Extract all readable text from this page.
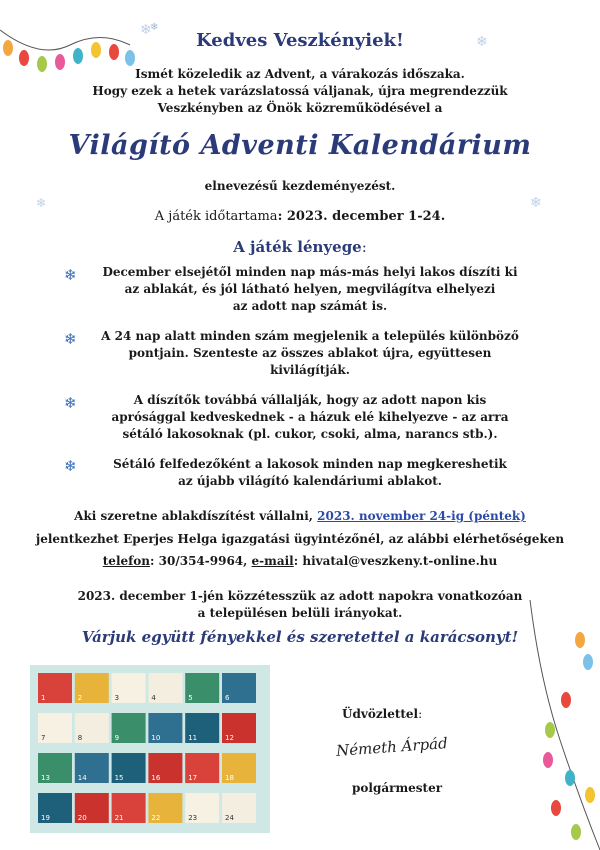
❄
❄
❄
❄
❄
Kedves Veszkényiek!
Ismét közeledik az Advent, a várakozás időszaka.
Hogy ezek a hetek varázslatossá váljanak, újra megrendezzük
Veszkényben az Önök közreműködésével a
Világító Adventi Kalendárium
elnevezésű kezdeményezést.
A játék időtartama: 2023. december 1-24.
A játék lényege:
❄	December elsejétől minden nap más-más helyi lakos díszíti ki
az ablakát, és jól látható helyen, megvilágítva elhelyezi
az adott nap számát is.
❄	A 24 nap alatt minden szám megjelenik a település különböző
pontjain. Szenteste az összes ablakot újra, együttesen
kivilágítják.
❄	A díszítők továbbá vállalják, hogy az adott napon kis
aprósággal kedveskednek - a házuk elé kihelyezve - az arra
sétáló lakosoknak (pl. cukor, csoki, alma, narancs stb.).
❄	Sétáló felfedezőként a lakosok minden nap megkereshetik
az újabb világító kalendáriumi ablakot.
Aki szeretne ablakdíszítést vállalni, 2023. november 24-ig (péntek)
jelentkezhet Eperjes Helga igazgatási ügyintézőnél, az alábbi elérhetőségeken
telefon: 30/354-9964, e-mail: hivatal@veszkeny.t-online.hu
2023. december 1-jén közzétesszük az adott napokra vonatkozóan
a településen belüli irányokat.
Várjuk együtt fényekkel és szeretettel a karácsonyt!
1	2	3	4	5	6
7	8	9	10	11	12
13	14	15	16	17	18
19	20	21	22	23	24
Üdvözlettel:
Németh Árpád
polgármester
